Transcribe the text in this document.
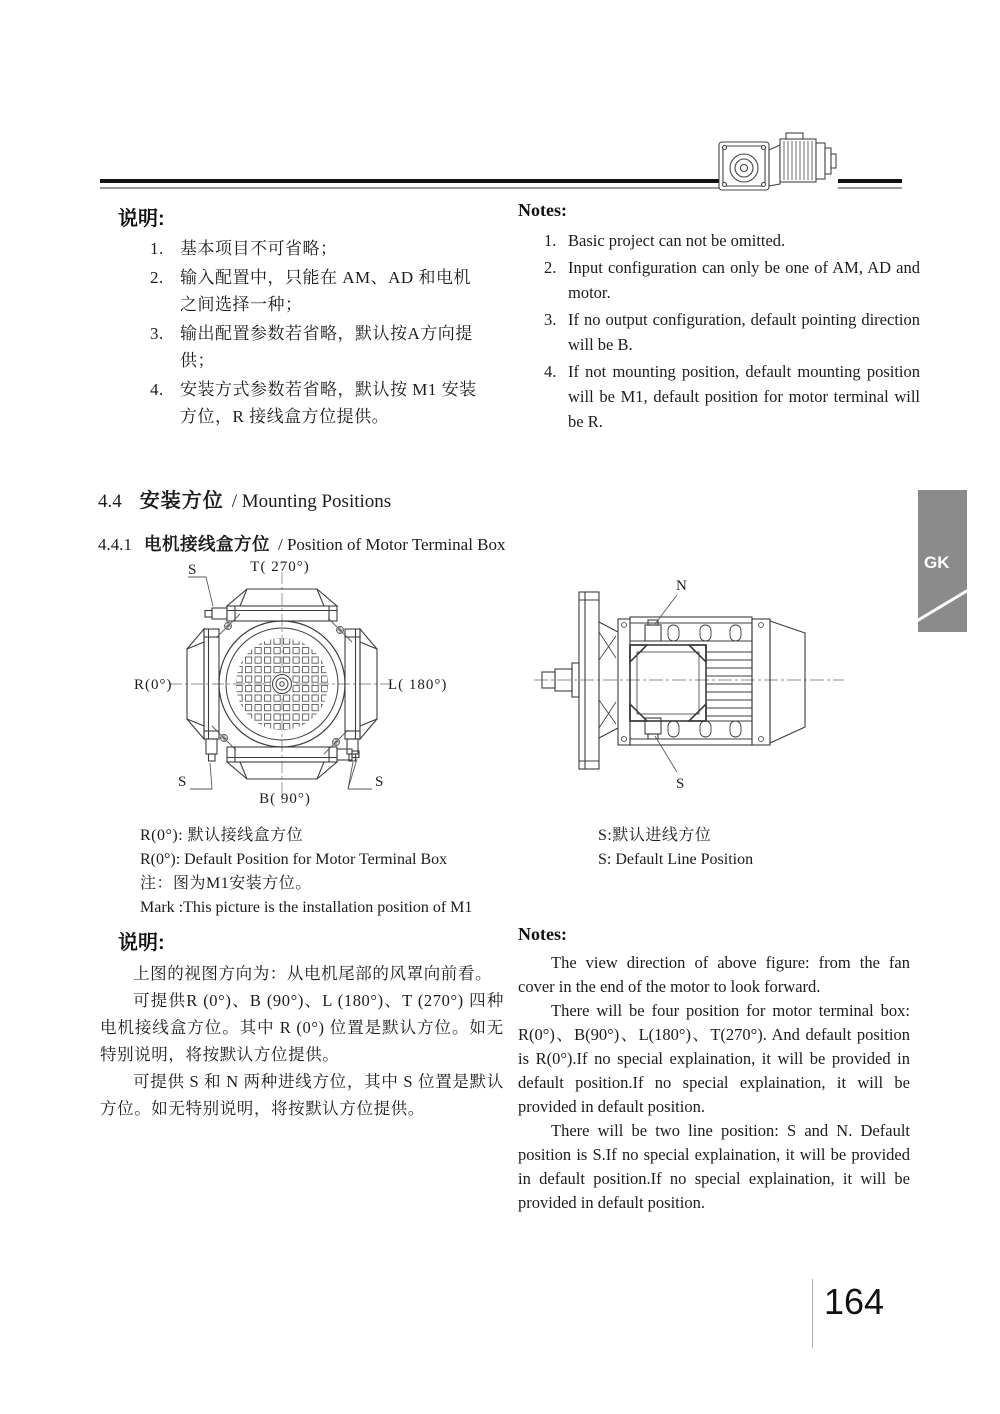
说明:
1. 基本项目不可省略；
2. 输入配置中，只能在 AM、AD 和电机之间选择一种；
3. 输出配置参数若省略，默认按A方向提供；
4. 安装方式参数若省略，默认按 M1 安装方位，R 接线盒方位提供。
Notes:
1. Basic project can not be omitted.
2. Input configuration can only be one of AM, AD and motor.
3. If no output configuration, default pointing direction will be B.
4. If not mounting position, default mounting position will be M1, default position for motor terminal will be R.
4.4 安装方位 / Mounting Positions
4.4.1 电机接线盒方位 / Position of Motor Terminal Box
T( 270°)
R(0°)	L( 180°)
B( 90°)
S
S	S
N
S
R(0°): 默认接线盒方位
R(0°): Default Position for Motor Terminal Box
注：图为M1安装方位。
Mark :This picture is the installation position of M1
S:默认进线方位
S: Default Line Position
说明:

上图的视图方向为：从电机尾部的风罩向前看。

可提供R (0°)、B (90°)、L (180°)、T (270°) 四种电机接线盒方位。其中 R (0°) 位置是默认方位。如无特别说明，将按默认方位提供。

可提供 S 和 N 两种进线方位，其中 S 位置是默认方位。如无特别说明，将按默认方位提供。

Notes:

The view direction of above figure: from the fan cover in the end of the motor to look forward.

There will be four position for motor terminal box: R(0°)、B(90°)、L(180°)、T(270°). And default position is R(0°).If no special explaination, it will be provided in default position.If no special explaination, it will be provided in default position.

There will be two line position: S and N. Default position is S.If no special explaination, it will be provided in default position.If no special explaination, it will be provided in default position.

GK
164
